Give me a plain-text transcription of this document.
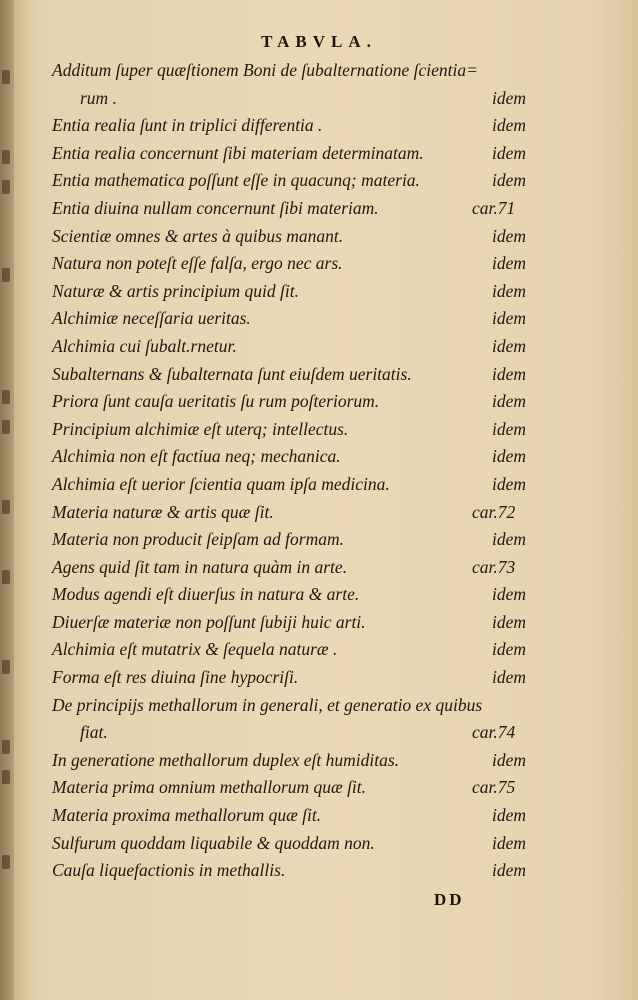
TABVLA.
Additum ſuper quæſtionem Boni de ſubalternatione ſcientia=
rum .	idem
Entia realia ſunt in triplici differentia .	idem
Entia realia concernunt ſibi materiam determinatam.	idem
Entia mathematica poſſunt eſſe in quacunq; materia.	idem
Entia diuina nullam concernunt ſibi materiam.	car.71
Scientiæ omnes & artes à quibus manant.	idem
Natura non poteſt eſſe falſa, ergo nec ars.	idem
Naturæ & artis principium quid ſit.	idem
Alchimiæ neceſſaria ueritas.	idem
Alchimia cui ſubalt.rnetur.	idem
Subalternans & ſubalternata ſunt eiuſdem ueritatis.	idem
Priora ſunt cauſa ueritatis ſu rum poſteriorum.	idem
Principium alchimiæ eſt uterq; intellectus.	idem
Alchimia non eſt factiua neq; mechanica.	idem
Alchimia eſt uerior ſcientia quam ipſa medicina.	idem
Materia naturæ & artis quæ ſit.	car.72
Materia non producit ſeipſam ad formam.	idem
Agens quid ſit tam in natura quàm in arte.	car.73
Modus agendi eſt diuerſus in natura & arte.	idem
Diuerſæ materiæ non poſſunt ſubiji huic arti.	idem
Alchimia eſt mutatrix & ſequela naturæ .	idem
Forma eſt res diuina ſine hypocriſi.	idem
De principijs methallorum in generali, et generatio ex quibus
fiat.	car.74
In generatione methallorum duplex eſt humiditas.	idem
Materia prima omnium methallorum quæ ſit.	car.75
Materia proxima methallorum quæ ſit.	idem
Sulfurum quoddam liquabile & quoddam non.	idem
Cauſa liquefactionis in methallis.	idem
DD
